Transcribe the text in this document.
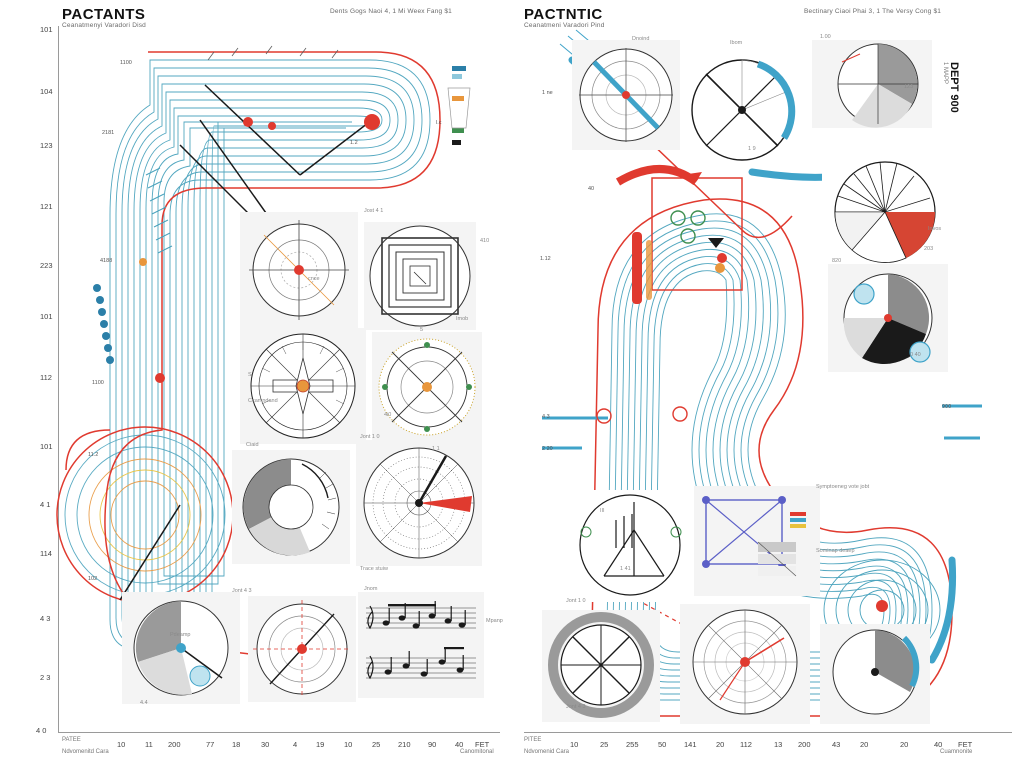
PACTANTS
Ceanatmenyi Varadori Disd
Dents Gogs Naoi 4, 1 Mi Weex Fang $1
101
104
123
121
223
101
112
101
4 1
114
4 3
2 3
4 0
10	11 200	77 18	30	4	19	10	25 210 90 40 FET
PATEE
Ndvomenitd Cara	Canomitonal
Jost 4 1
cnce
410
Imob
S
Ccamndand
5
4i0
Ciaid
Jont 1 0
Trace stuiw
1 1
Jont 4 3
Pdeamp
4.4
Jnom
Mpanp
1100
2181
4188
1100
11.2
102
1.2
l.c
PACTNTIC
Ceanatmeni Varadori Pind
Bectinary Ciaoi Phai 3, 1 The Versy Cong $1
DEPT 900
1 MAPP
10	25 255	50 141	20 112	13 200	43	20	20	40 FET
PITEE
Ndvomenid Cara	Cuamnonite
Dnoind
Ibom
1 9
1.00
123
Invos
203
820
0 40
III
1 41
Symptoeneg vote jobt
Sominap deaep
Jont 1 0
Jont 4 3
1 ne
40
1.12
4 3
2 20
900
